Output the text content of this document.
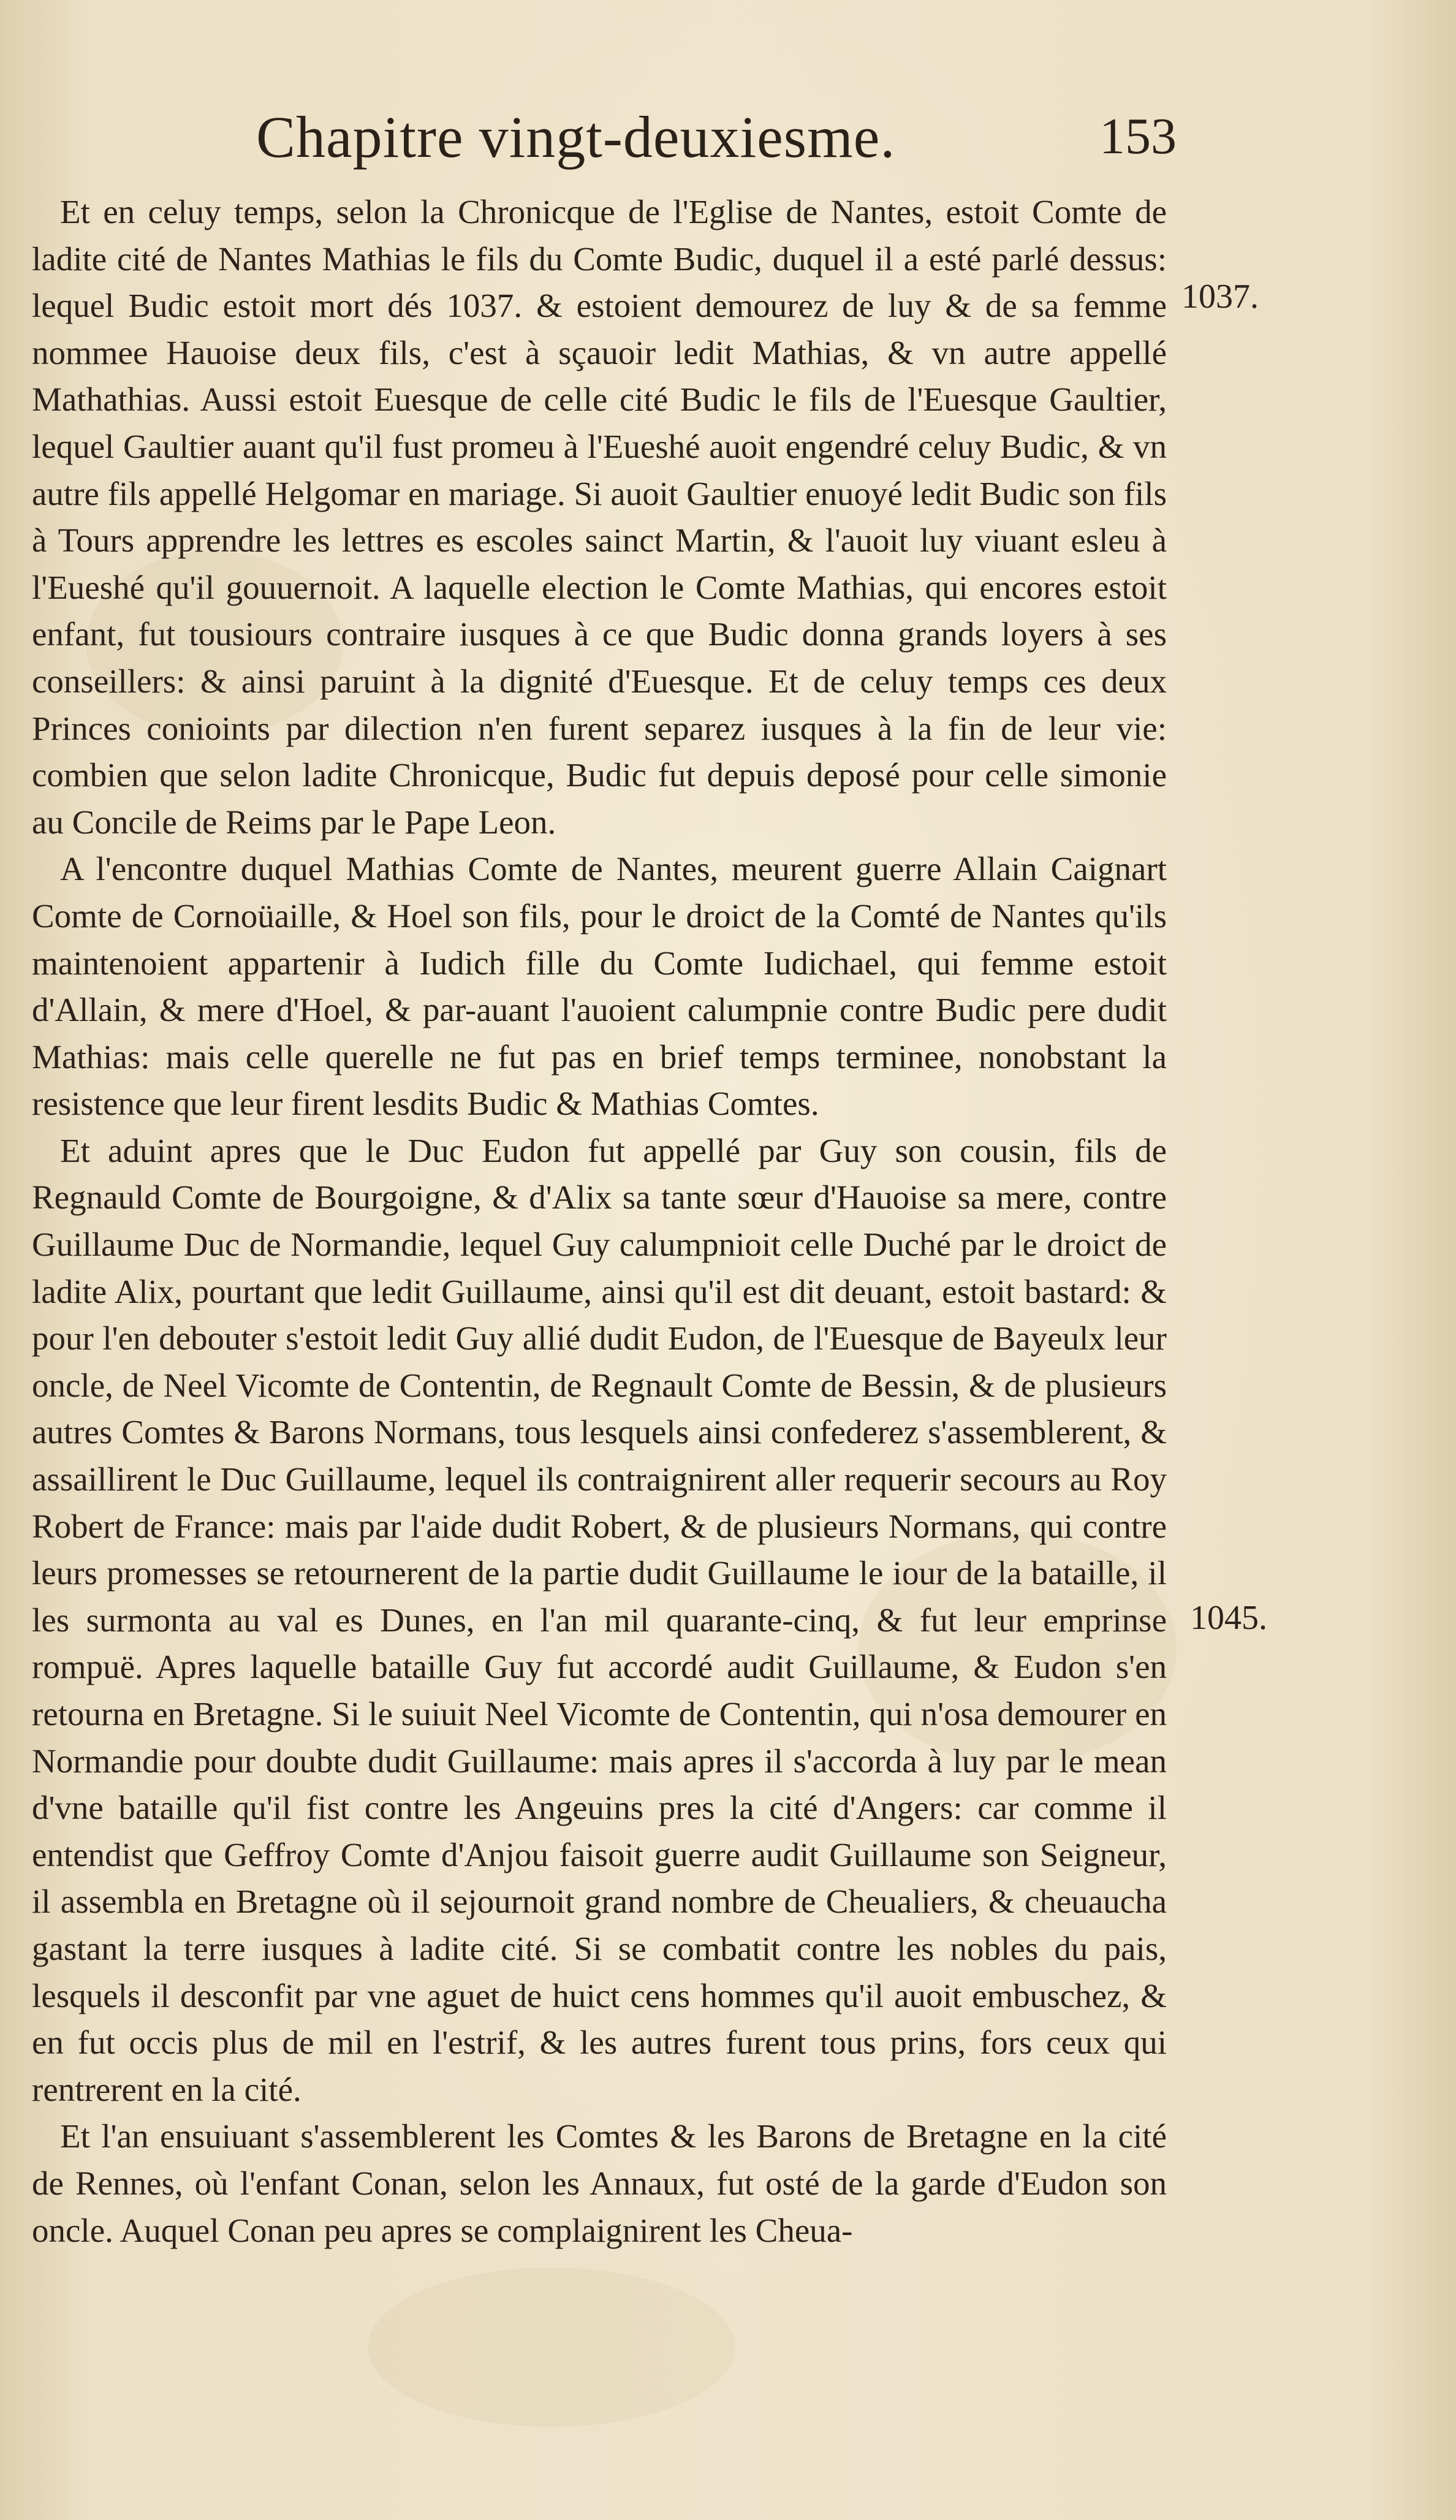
Chapitre vingt-deuxiesme.	153
1037.
1045.

Et en celuy temps, selon la Chronicque de l'Eglise de Nantes, estoit Comte de ladite cité de Nantes Mathias le fils du Comte Budic, duquel il a esté parlé dessus: lequel Budic estoit mort dés 1037. & estoient demourez de luy & de sa femme nommee Hauoise deux fils, c'est à sçauoir ledit Mathias, & vn autre appellé Mathathias. Aussi estoit Euesque de celle cité Budic le fils de l'Euesque Gaultier, lequel Gaultier auant qu'il fust promeu à l'Eueshé auoit engendré celuy Budic, & vn autre fils appellé Helgomar en mariage. Si auoit Gaultier enuoyé ledit Budic son fils à Tours apprendre les lettres es escoles sainct Martin, & l'auoit luy viuant esleu à l'Eueshé qu'il gouuernoit. A laquelle election le Comte Mathias, qui encores estoit enfant, fut tousiours contraire iusques à ce que Budic donna grands loyers à ses conseillers: & ainsi paruint à la dignité d'Euesque. Et de celuy temps ces deux Princes conioints par dilection n'en furent separez iusques à la fin de leur vie: combien que selon ladite Chronicque, Budic fut depuis deposé pour celle simonie au Concile de Reims par le Pape Leon.

A l'encontre duquel Mathias Comte de Nantes, meurent guerre Allain Caignart Comte de Cornoüaille, & Hoel son fils, pour le droict de la Comté de Nantes qu'ils maintenoient appartenir à Iudich fille du Comte Iudichael, qui femme estoit d'Allain, & mere d'Hoel, & par-auant l'auoient calumpnie contre Budic pere dudit Mathias: mais celle querelle ne fut pas en brief temps terminee, nonobstant la resistence que leur firent lesdits Budic & Mathias Comtes.

Et aduint apres que le Duc Eudon fut appellé par Guy son cousin, fils de Regnauld Comte de Bourgoigne, & d'Alix sa tante sœur d'Hauoise sa mere, contre Guillaume Duc de Normandie, lequel Guy calumpnioit celle Duché par le droict de ladite Alix, pourtant que ledit Guillaume, ainsi qu'il est dit deuant, estoit bastard: & pour l'en debouter s'estoit ledit Guy allié dudit Eudon, de l'Euesque de Bayeulx leur oncle, de Neel Vicomte de Contentin, de Regnault Comte de Bessin, & de plusieurs autres Comtes & Barons Normans, tous lesquels ainsi confederez s'assemblerent, & assaillirent le Duc Guillaume, lequel ils contraignirent aller requerir secours au Roy Robert de France: mais par l'aide dudit Robert, & de plusieurs Normans, qui contre leurs promesses se retournerent de la partie dudit Guillaume le iour de la bataille, il les surmonta au val es Dunes, en l'an mil quarante-cinq, & fut leur emprinse rompuë. Apres laquelle bataille Guy fut accordé audit Guillaume, & Eudon s'en retourna en Bretagne. Si le suiuit Neel Vicomte de Contentin, qui n'osa demourer en Normandie pour doubte dudit Guillaume: mais apres il s'accorda à luy par le mean d'vne bataille qu'il fist contre les Angeuins pres la cité d'Angers: car comme il entendist que Geffroy Comte d'Anjou faisoit guerre audit Guillaume son Seigneur, il assembla en Bretagne où il sejournoit grand nombre de Cheualiers, & cheuaucha gastant la terre iusques à ladite cité. Si se combatit contre les nobles du pais, lesquels il desconfit par vne aguet de huict cens hommes qu'il auoit embuschez, & en fut occis plus de mil en l'estrif, & les autres furent tous prins, fors ceux qui rentrerent en la cité.

Et l'an ensuiuant s'assemblerent les Comtes & les Barons de Bretagne en la cité de Rennes, où l'enfant Conan, selon les Annaux, fut osté de la garde d'Eudon son oncle. Auquel Conan peu apres se complaignirent les Cheua-
